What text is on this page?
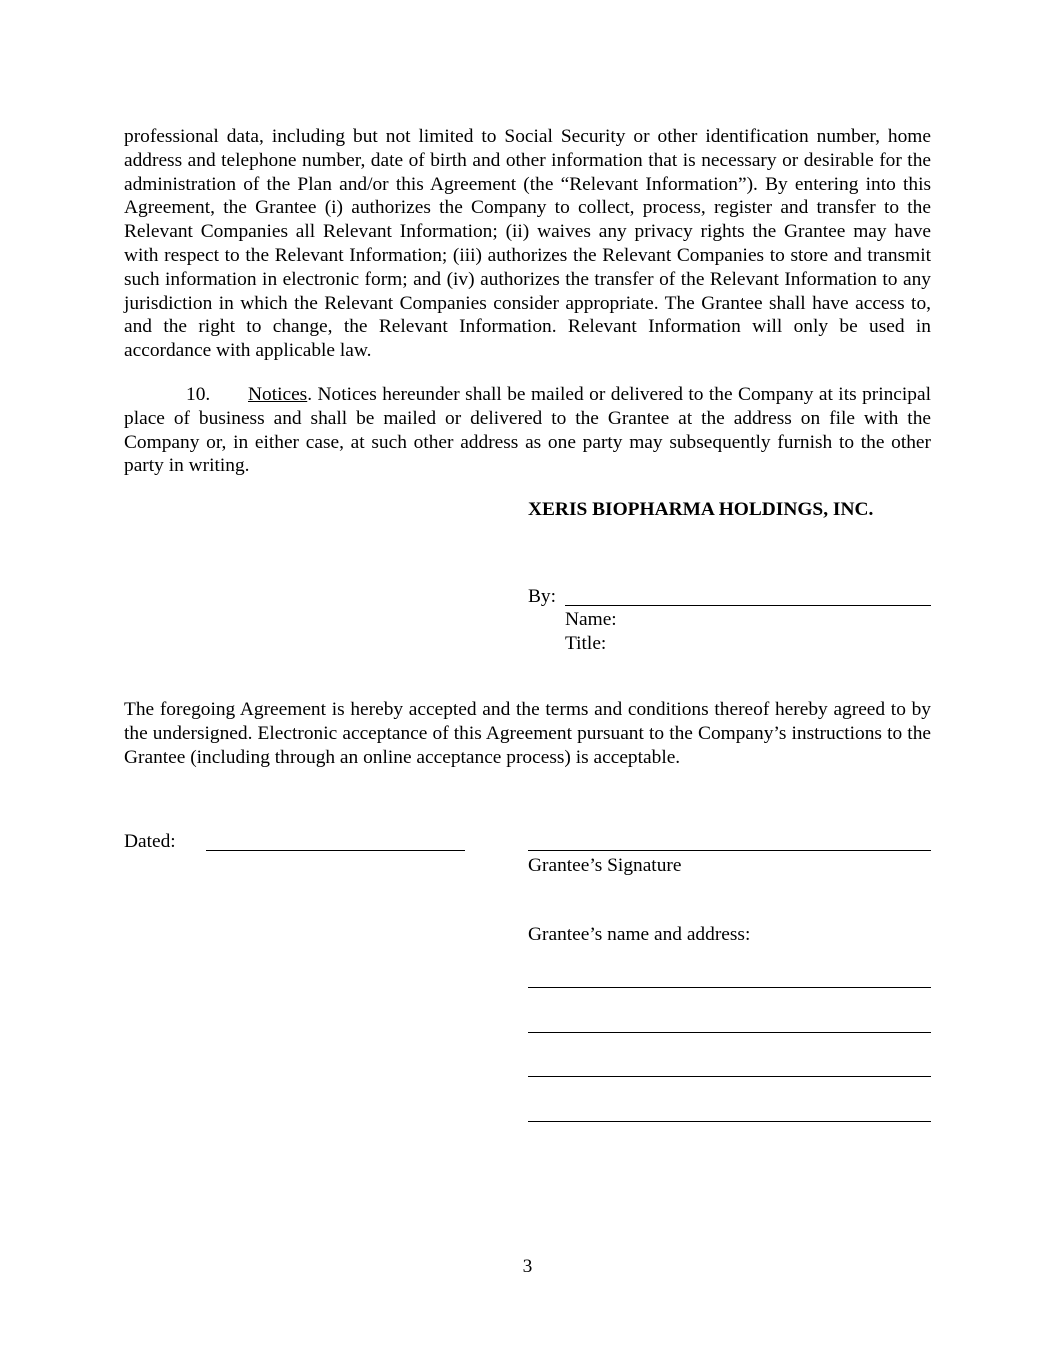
professional data, including but not limited to Social Security or other identification number, home address and telephone number, date of birth and other information that is necessary or desirable for the administration of the Plan and/or this Agreement (the “Relevant Information”). By entering into this Agreement, the Grantee (i) authorizes the Company to collect, process, register and transfer to the Relevant Companies all Relevant Information; (ii) waives any privacy rights the Grantee may have with respect to the Relevant Information; (iii) authorizes the Relevant Companies to store and transmit such information in electronic form; and (iv) authorizes the transfer of the Relevant Information to any jurisdiction in which the Relevant Companies consider appropriate. The Grantee shall have access to, and the right to change, the Relevant Information. Relevant Information will only be used in accordance with applicable law.

10. Notices. Notices hereunder shall be mailed or delivered to the Company at its principal place of business and shall be mailed or delivered to the Grantee at the address on file with the Company or, in either case, at such other address as one party may subsequently furnish to the other party in writing.

XERIS BIOPHARMA HOLDINGS, INC.
By:
Name:
Title:

The foregoing Agreement is hereby accepted and the terms and conditions thereof hereby agreed to by the undersigned. Electronic acceptance of this Agreement pursuant to the Company’s instructions to the Grantee (including through an online acceptance process) is acceptable.

Dated:
Grantee’s Signature
Grantee’s name and address:
3
